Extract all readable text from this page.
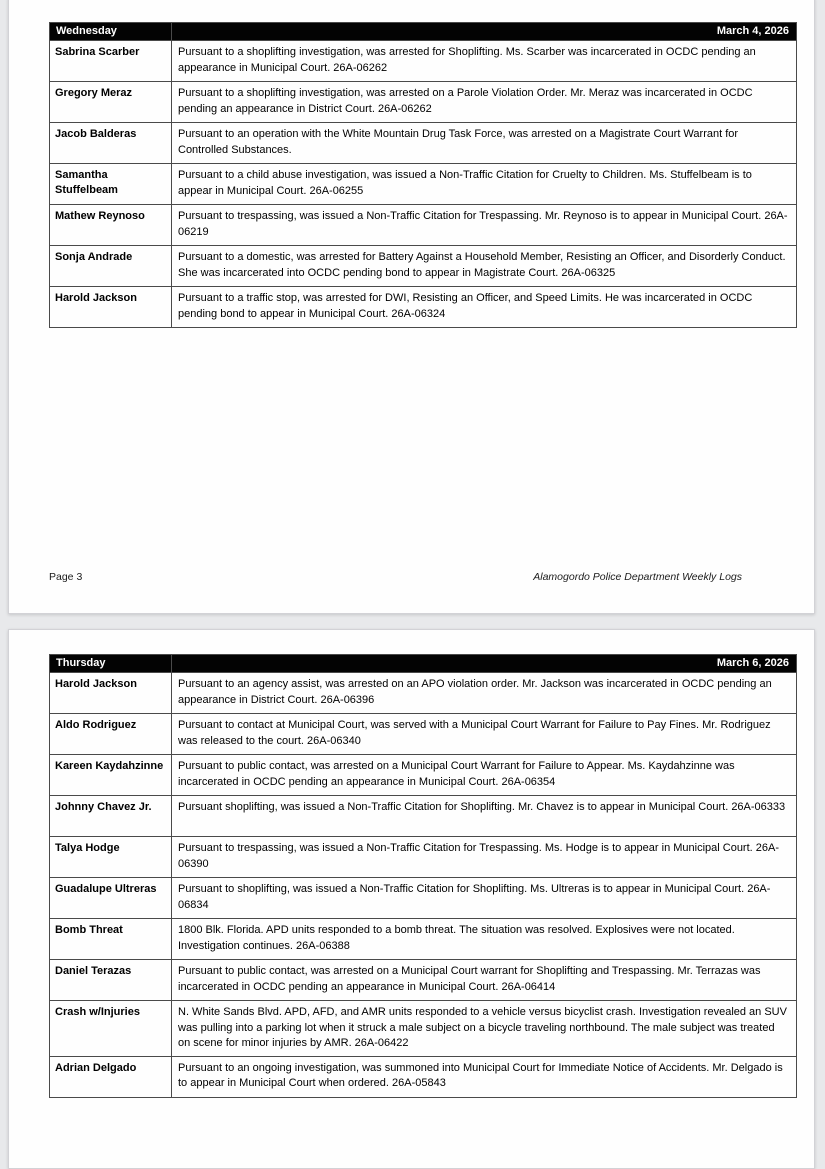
Wednesday	March 4, 2026
Sabrina Scarber	Pursuant to a shoplifting investigation, was arrested for Shoplifting. Ms. Scarber was incarcerated in OCDC pending an appearance in Municipal Court. 26A-06262
Gregory Meraz	Pursuant to a shoplifting investigation, was arrested on a Parole Violation Order. Mr. Meraz was incarcerated in OCDC pending an appearance in District Court. 26A-06262
Jacob Balderas	Pursuant to an operation with the White Mountain Drug Task Force, was arrested on a Magistrate Court Warrant for Controlled Substances.
Samantha Stuffelbeam	Pursuant to a child abuse investigation, was issued a Non-Traffic Citation for Cruelty to Children. Ms. Stuffelbeam is to appear in Municipal Court. 26A-06255
Mathew Reynoso	Pursuant to trespassing, was issued a Non-Traffic Citation for Trespassing. Mr. Reynoso is to appear in Municipal Court. 26A-06219
Sonja Andrade	Pursuant to a domestic, was arrested for Battery Against a Household Member, Resisting an Officer, and Disorderly Conduct. She was incarcerated into OCDC pending bond to appear in Magistrate Court. 26A-06325
Harold Jackson	Pursuant to a traffic stop, was arrested for DWI, Resisting an Officer, and Speed Limits. He was incarcerated in OCDC pending bond to appear in Municipal Court. 26A-06324
Page 3	Alamogordo Police Department Weekly Logs
Thursday	March 6, 2026
Harold Jackson	Pursuant to an agency assist, was arrested on an APO violation order. Mr. Jackson was incarcerated in OCDC pending an appearance in District Court. 26A-06396
Aldo Rodriguez	Pursuant to contact at Municipal Court, was served with a Municipal Court Warrant for Failure to Pay Fines. Mr. Rodriguez was released to the court. 26A-06340
Kareen Kaydahzinne	Pursuant to public contact, was arrested on a Municipal Court Warrant for Failure to Appear. Ms. Kaydahzinne was incarcerated in OCDC pending an appearance in Municipal Court. 26A-06354
Johnny Chavez Jr.	Pursuant shoplifting, was issued a Non-Traffic Citation for Shoplifting. Mr. Chavez is to appear in Municipal Court. 26A-06333
Talya Hodge	Pursuant to trespassing, was issued a Non-Traffic Citation for Trespassing. Ms. Hodge is to appear in Municipal Court. 26A-06390
Guadalupe Ultreras	Pursuant to shoplifting, was issued a Non-Traffic Citation for Shoplifting. Ms. Ultreras is to appear in Municipal Court. 26A-06834
Bomb Threat	1800 Blk. Florida. APD units responded to a bomb threat. The situation was resolved. Explosives were not located. Investigation continues. 26A-06388
Daniel Terazas	Pursuant to public contact, was arrested on a Municipal Court warrant for Shoplifting and Trespassing. Mr. Terrazas was incarcerated in OCDC pending an appearance in Municipal Court. 26A-06414
Crash w/Injuries	N. White Sands Blvd. APD, AFD, and AMR units responded to a vehicle versus bicyclist crash. Investigation revealed an SUV was pulling into a parking lot when it struck a male subject on a bicycle traveling northbound. The male subject was treated on scene for minor injuries by AMR. 26A-06422
Adrian Delgado	Pursuant to an ongoing investigation, was summoned into Municipal Court for Immediate Notice of Accidents. Mr. Delgado is to appear in Municipal Court when ordered. 26A-05843
